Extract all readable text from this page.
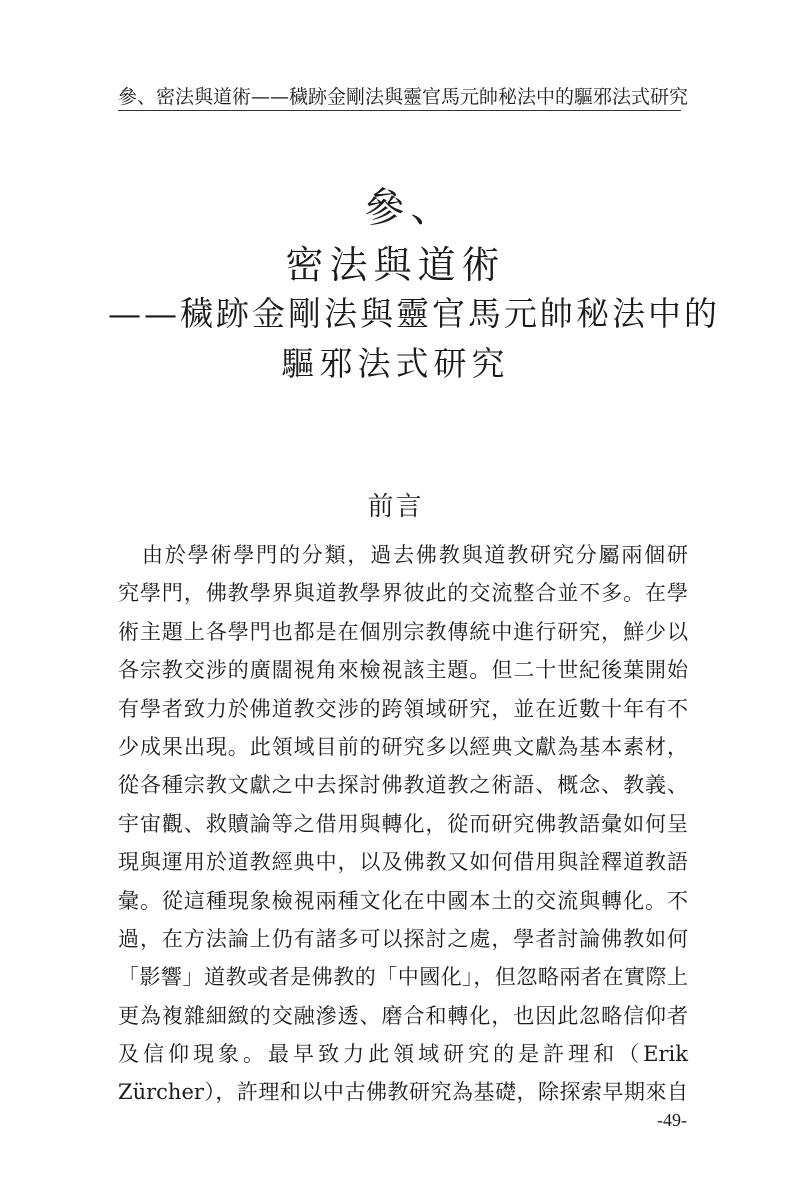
參、密法與道術——穢跡金剛法與靈官馬元帥秘法中的驅邪法式研究
參、
密法與道術
——穢跡金剛法與靈官馬元帥秘法中的
驅邪法式研究
前言
由於學術學門的分類，過去佛教與道教研究分屬兩個研
究學門，佛教學界與道教學界彼此的交流整合並不多。在學
術主題上各學門也都是在個別宗教傳統中進行研究，鮮少以
各宗教交涉的廣闊視角來檢視該主題。但二十世紀後葉開始
有學者致力於佛道教交涉的跨領域研究，並在近數十年有不
少成果出現。此領域目前的研究多以經典文獻為基本素材，
從各種宗教文獻之中去探討佛教道教之術語、概念、教義、
宇宙觀、救贖論等之借用與轉化，從而研究佛教語彙如何呈
現與運用於道教經典中，以及佛教又如何借用與詮釋道教語
彙。從這種現象檢視兩種文化在中國本土的交流與轉化。不
過，在方法論上仍有諸多可以探討之處，學者討論佛教如何
「影響」道教或者是佛教的「中國化」，但忽略兩者在實際上
更為複雜細緻的交融滲透、磨合和轉化，也因此忽略信仰者
及信仰現象。最早致力此領域研究的是許理和（Erik
Zürcher），許理和以中古佛教研究為基礎，除探索早期來自
-49-
